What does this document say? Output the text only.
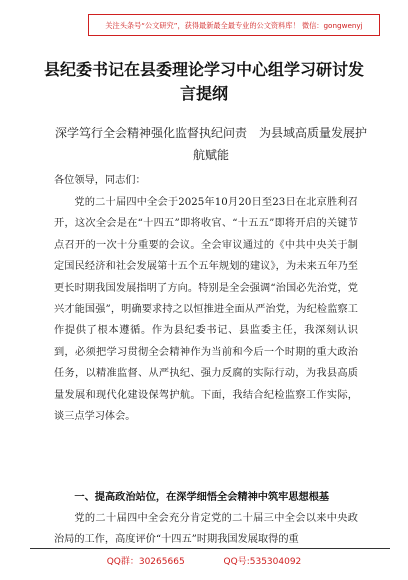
关注头条号“公文研究”，获得最新最全最专业的公文资料库！ 微信：gongwenyj
县纪委书记在县委理论学习中心组学习研讨发言提纲
深学笃行全会精神强化监督执纪问责　为县域高质量发展护航赋能

各位领导，同志们：

党的二十届四中全会于2025年10月20日至23日在北京胜利召开，这次全会是在“十四五”即将收官、“十五五”即将开启的关键节点召开的一次十分重要的会议。全会审议通过的《中共中央关于制定国民经济和社会发展第十五个五年规划的建议》，为未来五年乃至更长时期我国发展指明了方向。特别是全会强调“治国必先治党，党兴才能国强”，明确要求持之以恒推进全面从严治党，为纪检监察工作提供了根本遵循。作为县纪委书记、县监委主任，我深刻认识到，必须把学习贯彻全会精神作为当前和今后一个时期的重大政治任务，以精准监督、从严执纪、强力反腐的实际行动，为我县高质量发展和现代化建设保驾护航。下面，我结合纪检监察工作实际，谈三点学习体会。

一、提高政治站位，在深学细悟全会精神中筑牢思想根基

党的二十届四中全会充分肯定党的二十届三中全会以来中央政治局的工作，高度评价“十四五”时期我国发展取得的重

QQ群：30265665	QQ号:535304092
